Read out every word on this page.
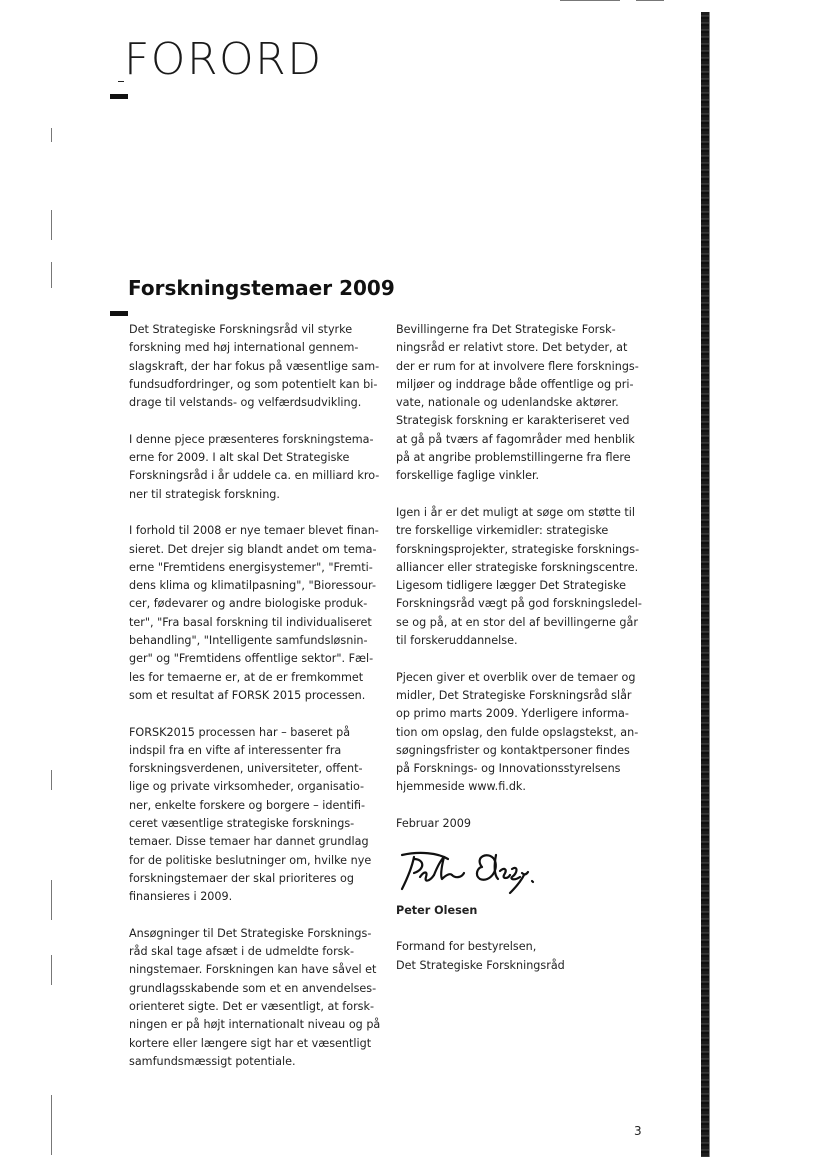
FORORD
Forskningstemaer 2009

Det Strategiske Forskningsråd vil styrke
forskning med høj international gennem-
slagskraft, der har fokus på væsentlige sam-
fundsudfordringer, og som potentielt kan bi-
drage til velstands- og velfærdsudvikling.

I denne pjece præsenteres forskningstema-
erne for 2009. I alt skal Det Strategiske
Forskningsråd i år uddele ca. en milliard kro-
ner til strategisk forskning.

I forhold til 2008 er nye temaer blevet finan-
sieret. Det drejer sig blandt andet om tema-
erne "Fremtidens energisystemer", "Fremti-
dens klima og klimatilpasning", "Bioressour-
cer, fødevarer og andre biologiske produk-
ter", "Fra basal forskning til individualiseret
behandling", "Intelligente samfundsløsnin-
ger" og "Fremtidens offentlige sektor". Fæl-
les for temaerne er, at de er fremkommet
som et resultat af FORSK 2015 processen.

FORSK2015 processen har – baseret på
indspil fra en vifte af interessenter fra
forskningsverdenen, universiteter, offent-
lige og private virksomheder, organisatio-
ner, enkelte forskere og borgere – identifi-
ceret væsentlige strategiske forsknings-
temaer. Disse temaer har dannet grundlag
for de politiske beslutninger om, hvilke nye
forskningstemaer der skal prioriteres og
finansieres i 2009.

Ansøgninger til Det Strategiske Forsknings-
råd skal tage afsæt i de udmeldte forsk-
ningstemaer. Forskningen kan have såvel et
grundlagsskabende som et en anvendelses-
orienteret sigte. Det er væsentligt, at forsk-
ningen er på højt internationalt niveau og på
kortere eller længere sigt har et væsentligt
samfundsmæssigt potentiale.

Bevillingerne fra Det Strategiske Forsk-
ningsråd er relativt store. Det betyder, at
der er rum for at involvere flere forsknings-
miljøer og inddrage både offentlige og pri-
vate, nationale og udenlandske aktører.
Strategisk forskning er karakteriseret ved
at gå på tværs af fagområder med henblik
på at angribe problemstillingerne fra flere
forskellige faglige vinkler.

Igen i år er det muligt at søge om støtte til
tre forskellige virkemidler: strategiske
forskningsprojekter, strategiske forsknings-
alliancer eller strategiske forskningscentre.
Ligesom tidligere lægger Det Strategiske
Forskningsråd vægt på god forskningsledel-
se og på, at en stor del af bevillingerne går
til forskeruddannelse.

Pjecen giver et overblik over de temaer og
midler, Det Strategiske Forskningsråd slår
op primo marts 2009. Yderligere informa-
tion om opslag, den fulde opslagstekst, an-
søgningsfrister og kontaktpersoner findes
på Forsknings- og Innovationsstyrelsens
hjemmeside www.fi.dk.

Februar 2009

Peter Olesen

Formand for bestyrelsen,
Det Strategiske Forskningsråd

3
